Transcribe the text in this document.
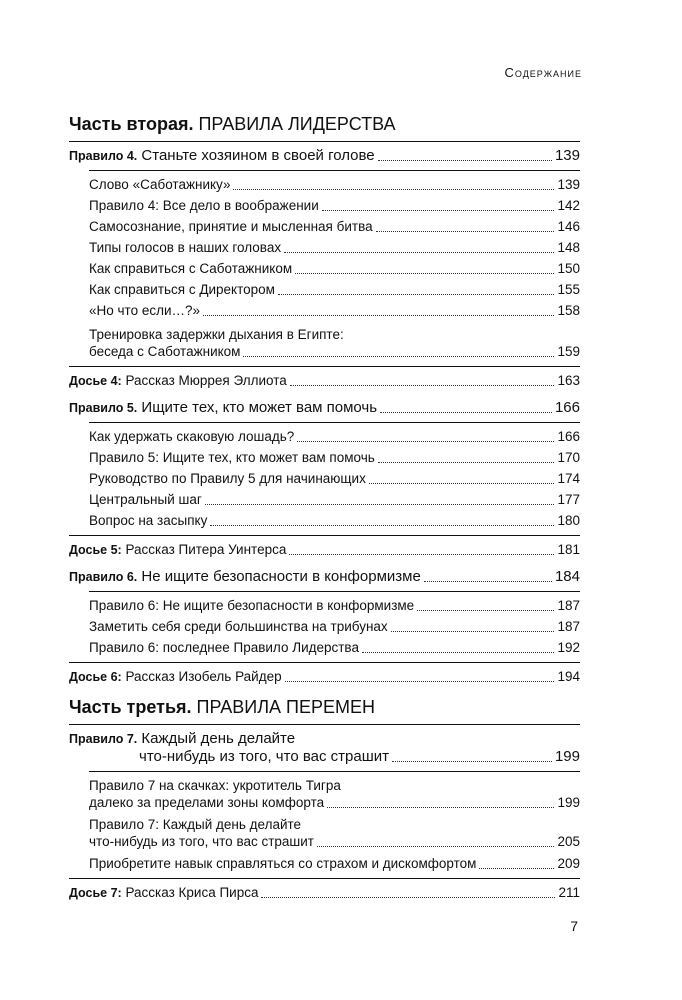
Содержание
Часть вторая. ПРАВИЛА ЛИДЕРСТВА
Правило 4. Станьте хозяином в своей голове	139
Слово «Саботажнику»	139
Правило 4: Все дело в воображении	142
Самосознание, принятие и мысленная битва	146
Типы голосов в наших головах	148
Как справиться с Саботажником	150
Как справиться с Директором	155
«Но что если…?»	158
Тренировка задержки дыхания в Египте:
беседа с Саботажником	159
Досье 4: Рассказ Мюррея Эллиота	163
Правило 5. Ищите тех, кто может вам помочь	166
Как удержать скаковую лошадь?	166
Правило 5: Ищите тех, кто может вам помочь	170
Руководство по Правилу 5 для начинающих	174
Центральный шаг	177
Вопрос на засыпку	180
Досье 5: Рассказ Питера Уинтерса	181
Правило 6. Не ищите безопасности в конформизме	184
Правило 6: Не ищите безопасности в конформизме	187
Заметить себя среди большинства на трибунах	187
Правило 6: последнее Правило Лидерства	192
Досье 6: Рассказ Изобель Райдер	194
Часть третья. ПРАВИЛА ПЕРЕМЕН
Правило 7. Каждый день делайте
что-нибудь из того, что вас страшит	199
Правило 7 на скачках: укротитель Тигра
далеко за пределами зоны комфорта	199
Правило 7: Каждый день делайте
что-нибудь из того, что вас страшит	205
Приобретите навык справляться со страхом и дискомфортом	209
Досье 7: Рассказ Криса Пирса	211
7
